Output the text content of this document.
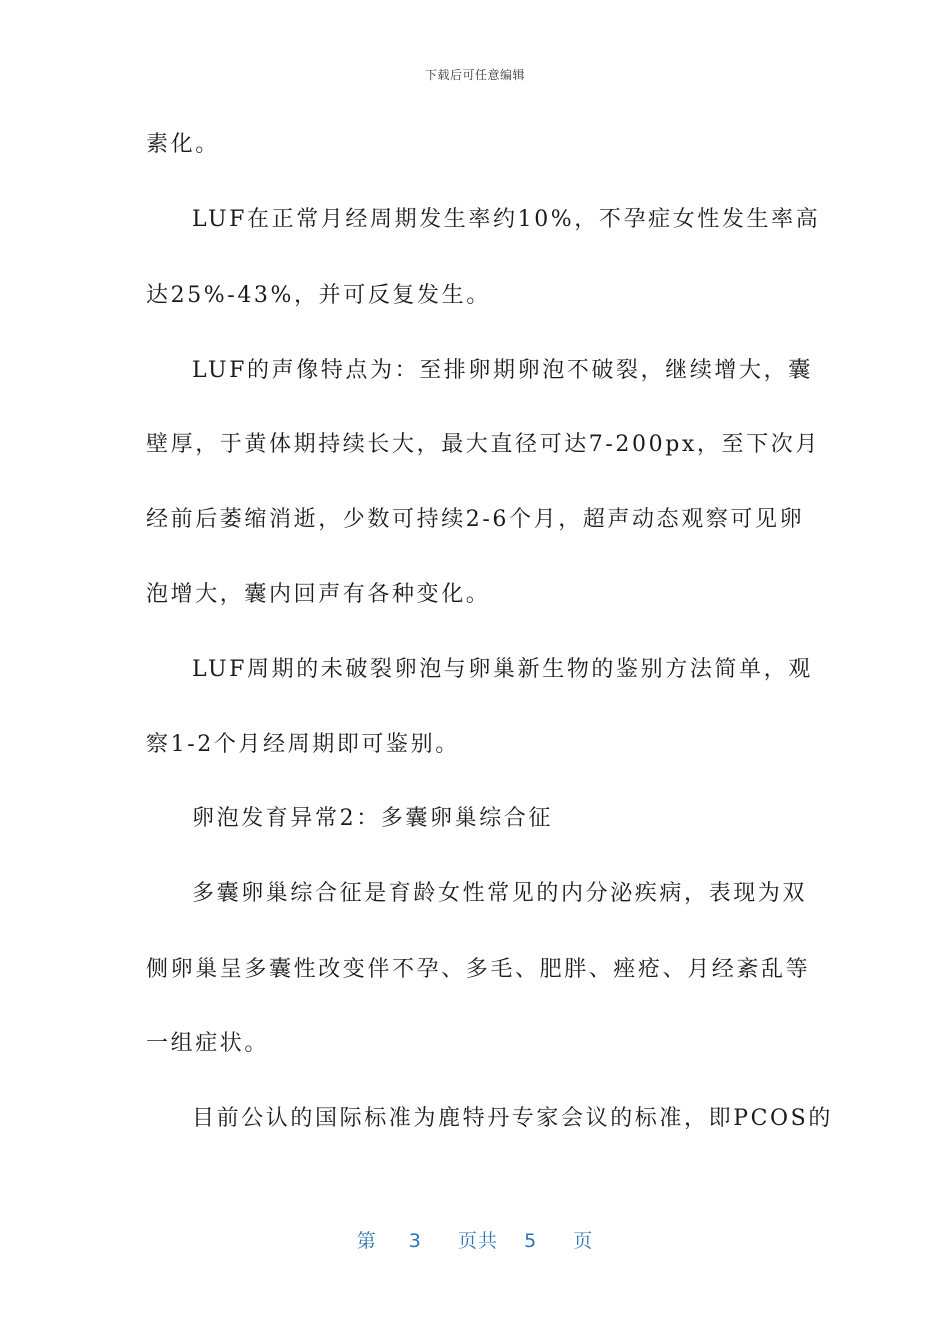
下载后可任意编辑
素化。
LUF在正常月经周期发生率约10%，不孕症女性发生率高
达25%-43%，并可反复发生。
LUF的声像特点为：至排卵期卵泡不破裂，继续增大，囊
壁厚，于黄体期持续长大，最大直径可达7-200px，至下次月
经前后萎缩消逝，少数可持续2-6个月，超声动态观察可见卵
泡增大，囊内回声有各种变化。
LUF周期的未破裂卵泡与卵巢新生物的鉴别方法简单，观
察1-2个月经周期即可鉴别。
卵泡发育异常2：多囊卵巢综合征
多囊卵巢综合征是育龄女性常见的内分泌疾病，表现为双
侧卵巢呈多囊性改变伴不孕、多毛、肥胖、痤疮、月经紊乱等
一组症状。
目前公认的国际标准为鹿特丹专家会议的标准，即PCOS的
第 3 页共 5 页
